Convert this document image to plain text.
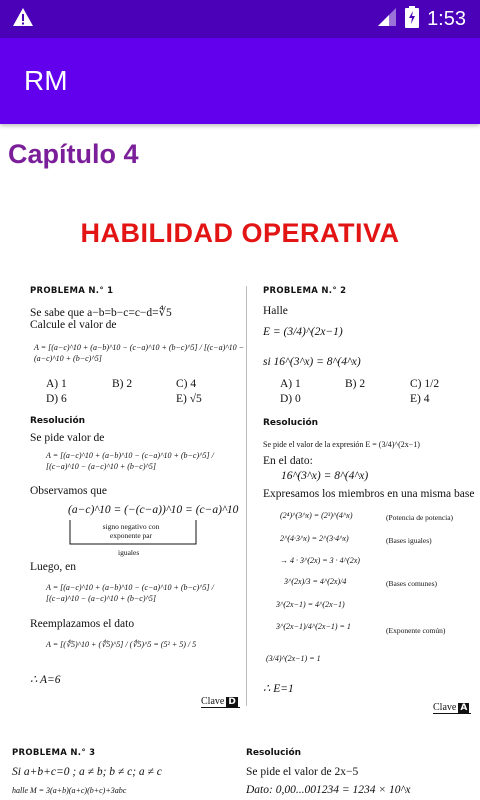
1:53
RM
Capítulo 4
HABILIDAD OPERATIVA
PROBLEMA N.° 1
Se sabe que a−b=b−c=c−d=∜5
Calcule el valor de
A = [(a−c)^10 + (a−b)^10 − (c−a)^10 + (b−c)^5] / [(c−a)^10 − (a−c)^10 + (b−c)^5]
A) 1	B) 2	C) 4
D) 6	E) √5
Resolución
Se pide valor de
A = [(a−c)^10 + (a−b)^10 − (c−a)^10 + (b−c)^5] / [(c−a)^10 − (a−c)^10 + (b−c)^5]
Observamos que
(a−c)^10 = (−(c−a))^10 = (c−a)^10
signo negativo con exponente par
iguales
Luego, en
A = [(a−c)^10 + (a−b)^10 − (c−a)^10 + (b−c)^5] / [(c−a)^10 − (a−c)^10 + (b−c)^5]
Reemplazamos el dato
A = [(∜5)^10 + (∜5)^5] / (∜5)^5 = (5² + 5) / 5
∴ A=6
Clave D
PROBLEMA N.° 2
Halle
E = (3/4)^(2x−1)
si 16^(3^x) = 8^(4^x)
A) 1	B) 2	C) 1/2
D) 0	E) 4
Resolución
Se pide el valor de la expresión E = (3/4)^(2x−1)
En el dato:
16^(3^x) = 8^(4^x)
Expresamos los miembros en una misma base
(2⁴)^(3^x) = (2³)^(4^x)	(Potencia de potencia)
2^(4·3^x) = 2^(3·4^x)	(Bases iguales)
→ 4 · 3^(2x) = 3 · 4^(2x)
3^(2x)/3 = 4^(2x)/4	(Bases comunes)
3^(2x−1) = 4^(2x−1)
3^(2x−1)/4^(2x−1) = 1	(Exponente común)
(3/4)^(2x−1) = 1
∴ E=1
Clave A
PROBLEMA N.° 3
Si a+b+c=0 ; a ≠ b; b ≠ c; a ≠ c
halle M = 3(a+b)(a+c)(b+c)+3abc
Resolución
Se pide el valor de 2x−5
Dato: 0,00...001234 = 1234 × 10^x
